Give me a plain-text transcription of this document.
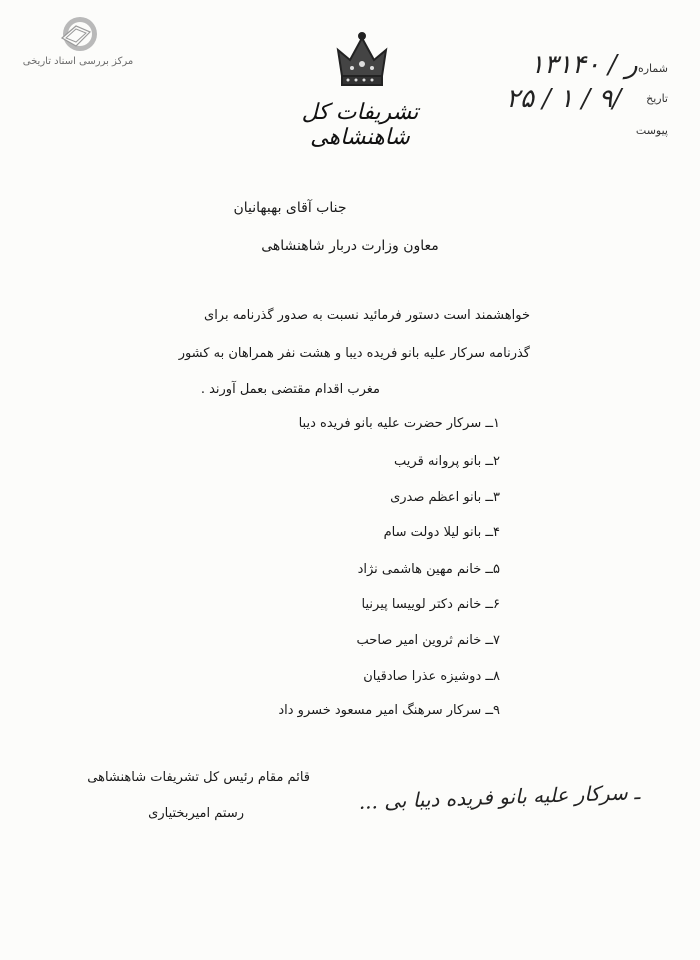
مرکز بررسی اسناد تاریخی
تشریفات کل شاهنشاهی
شماره
۱۳۱۴۰ / ر
تاریخ
۲۵ / ۱ / ۹/
پیوست
جناب آقای بهبهانیان
معاون وزارت دربار شاهنشاهی
خواهشمند است دستور فرمائید نسبت به صدور گذرنامه برای
گذرنامه سرکار علیه بانو فریده دیبا و هشت نفر همراهان به کشور
مغرب اقدام مقتضی بعمل آورند .
۱ــ سرکار حضرت علیه بانو فریده دیبا
۲ــ بانو پروانه قریب
۳ــ بانو اعظم صدری
۴ــ بانو لیلا دولت سام
۵ــ خانم مهین هاشمی نژاد
۶ــ خانم دکتر لوییسا پیرنیا
۷ــ خانم ثروین امیر صاحب
۸ــ دوشیزه عذرا صادقیان
۹ــ سرکار سرهنگ امیر مسعود خسرو داد
قائم مقام رئیس کل تشریفات شاهنشاهی
رستم امیربختیاری	ـ سرکار علیه بانو فریده دیبا بی ...
